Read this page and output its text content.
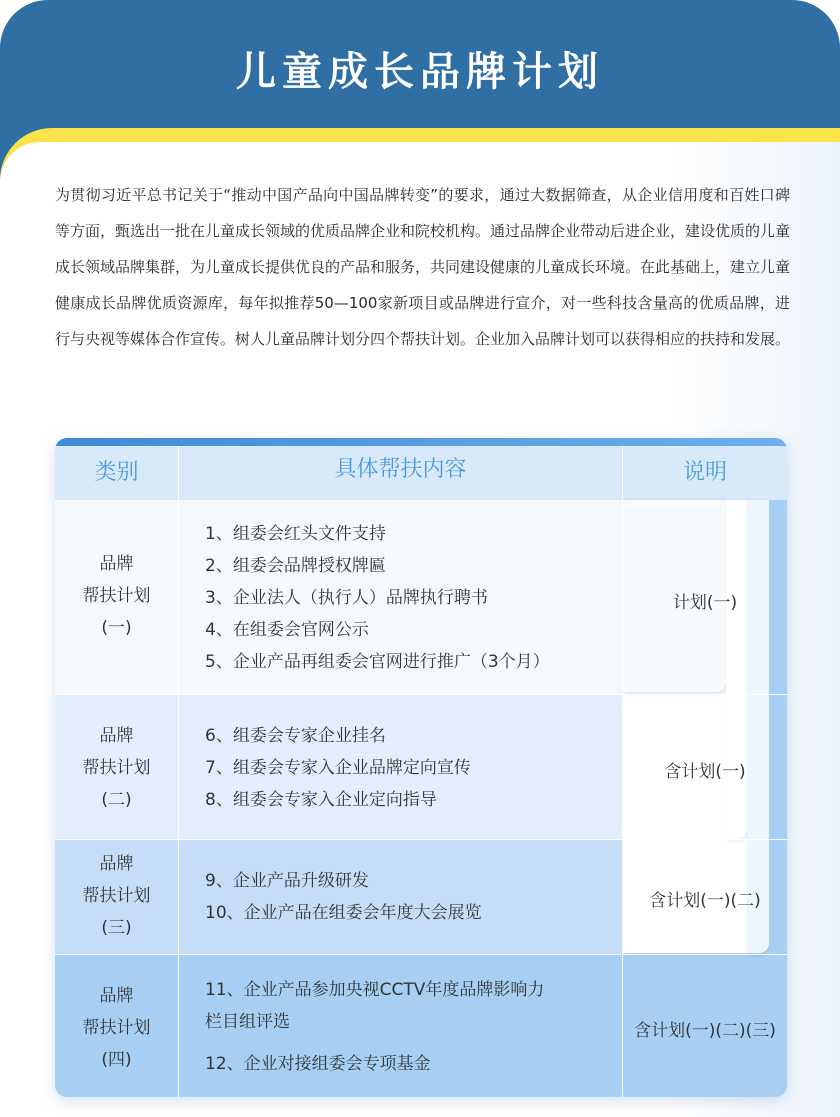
儿童成长品牌计划

为贯彻习近平总书记关于“推动中国产品向中国品牌转变”的要求，通过大数据筛查，从企业信用度和百姓口碑等方面，甄选出一批在儿童成长领域的优质品牌企业和院校机构。通过品牌企业带动后进企业，建设优质的儿童成长领域品牌集群，为儿童成长提供优良的产品和服务，共同建设健康的儿童成长环境。在此基础上，建立儿童健康成长品牌优质资源库，每年拟推荐50—100家新项目或品牌进行宣介，对一些科技含量高的优质品牌，进行与央视等媒体合作宣传。树人儿童品牌计划分四个帮扶计划。企业加入品牌计划可以获得相应的扶持和发展。

类别	具体帮扶内容	说明
品牌
帮扶计划
(一)
1、组委会红头文件支持
2、组委会品牌授权牌匾
3、企业法人（执行人）品牌执行聘书
4、在组委会官网公示
5、企业产品再组委会官网进行推广（3个月）
计划(一)
品牌
帮扶计划
(二)
6、组委会专家企业挂名
7、组委会专家入企业品牌定向宣传
8、组委会专家入企业定向指导
含计划(一)
品牌
帮扶计划
(三)
9、企业产品升级研发
10、企业产品在组委会年度大会展览
含计划(一)(二)
品牌
帮扶计划
(四)
11、企业产品参加央视CCTV年度品牌影响力
栏目组评选
12、企业对接组委会专项基金
含计划(一)(二)(三)
